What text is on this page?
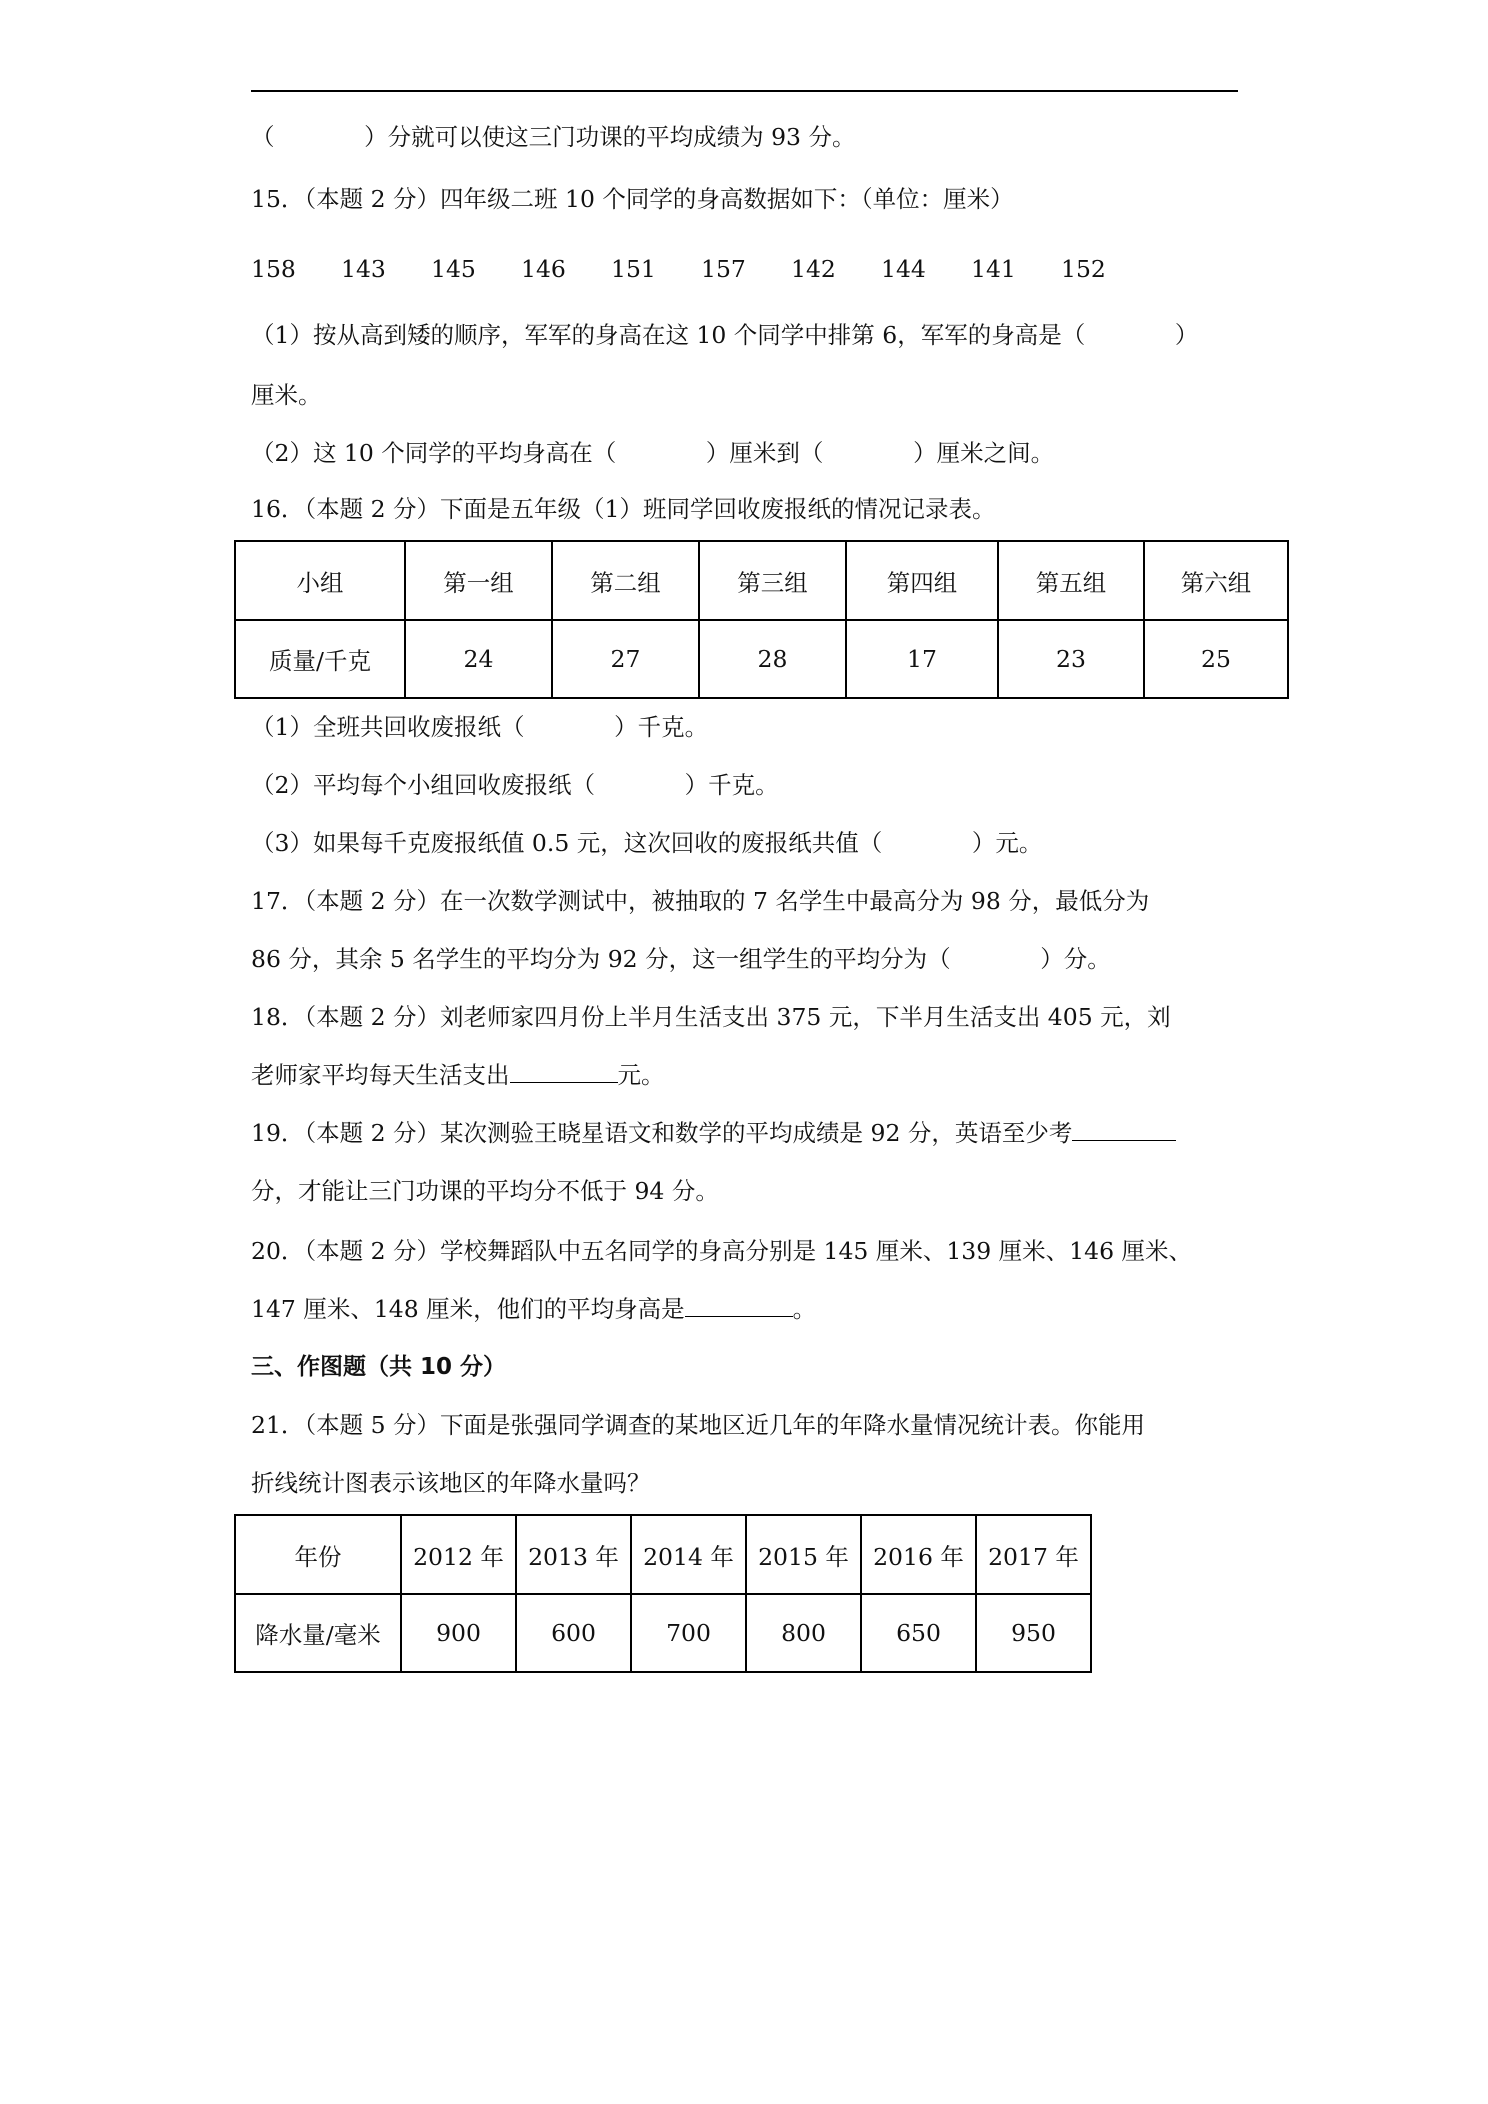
（            ）分就可以使这三门功课的平均成绩为 93 分。
15．（本题 2 分）四年级二班 10 个同学的身高数据如下：（单位：厘米）

158

143

145

146

151

157

142

144

141

152

（1）按从高到矮的顺序，军军的身高在这 10 个同学中排第 6，军军的身高是（            ）
厘米。
（2）这 10 个同学的平均身高在（            ）厘米到（            ）厘米之间。
16．（本题 2 分）下面是五年级（1）班同学回收废报纸的情况记录表。
小组	第一组	第二组	第三组	第四组	第五组	第六组
质量/千克	24	27	28	17	23	25
（1）全班共回收废报纸（            ）千克。
（2）平均每个小组回收废报纸（            ）千克。
（3）如果每千克废报纸值 0.5 元，这次回收的废报纸共值（            ）元。
17．（本题 2 分）在一次数学测试中，被抽取的 7 名学生中最高分为 98 分，最低分为
86 分，其余 5 名学生的平均分为 92 分，这一组学生的平均分为（            ）分。
18．（本题 2 分）刘老师家四月份上半月生活支出 375 元，下半月生活支出 405 元，刘
老师家平均每天生活支出	元。
19．（本题 2 分）某次测验王晓星语文和数学的平均成绩是 92 分，英语至少考
分，才能让三门功课的平均分不低于 94 分。
20．（本题 2 分）学校舞蹈队中五名同学的身高分别是 145 厘米、139 厘米、146 厘米、
147 厘米、148 厘米，他们的平均身高是	。
三、作图题（共 10 分）
21．（本题 5 分）下面是张强同学调查的某地区近几年的年降水量情况统计表。你能用
折线统计图表示该地区的年降水量吗？
年份	2012 年	2013 年	2014 年	2015 年	2016 年	2017 年
降水量/毫米	900	600	700	800	650	950
